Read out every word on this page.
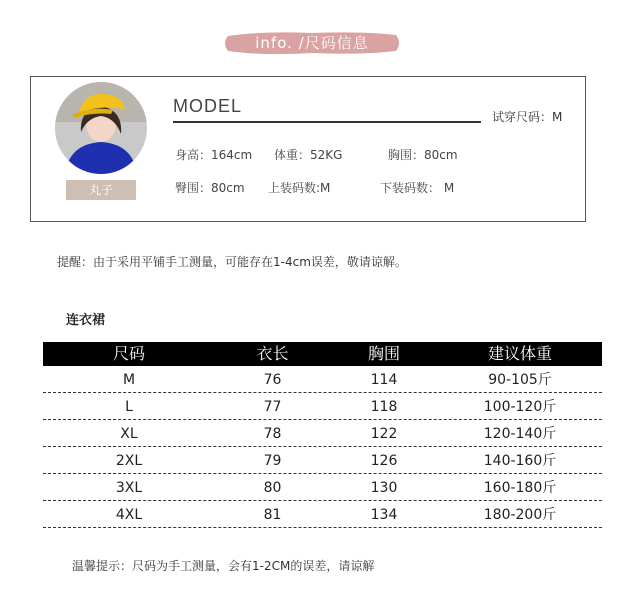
info. /尺码信息
丸子
MODEL
试穿尺码：M
身高：164cm 体重：52KG	胸围：80cm
臀围：80cm 上装码数:M	下装码数： M
提醒：由于采用平铺手工测量，可能存在1-4cm误差，敬请谅解。
连衣裙
尺码	衣长	胸围	建议体重
M	76	114	90-105斤
L	77	118	100-120斤
XL	78	122	120-140斤
2XL	79	126	140-160斤
3XL	80	130	160-180斤
4XL	81	134	180-200斤
温馨提示：尺码为手工测量，会有1-2CM的误差，请谅解
